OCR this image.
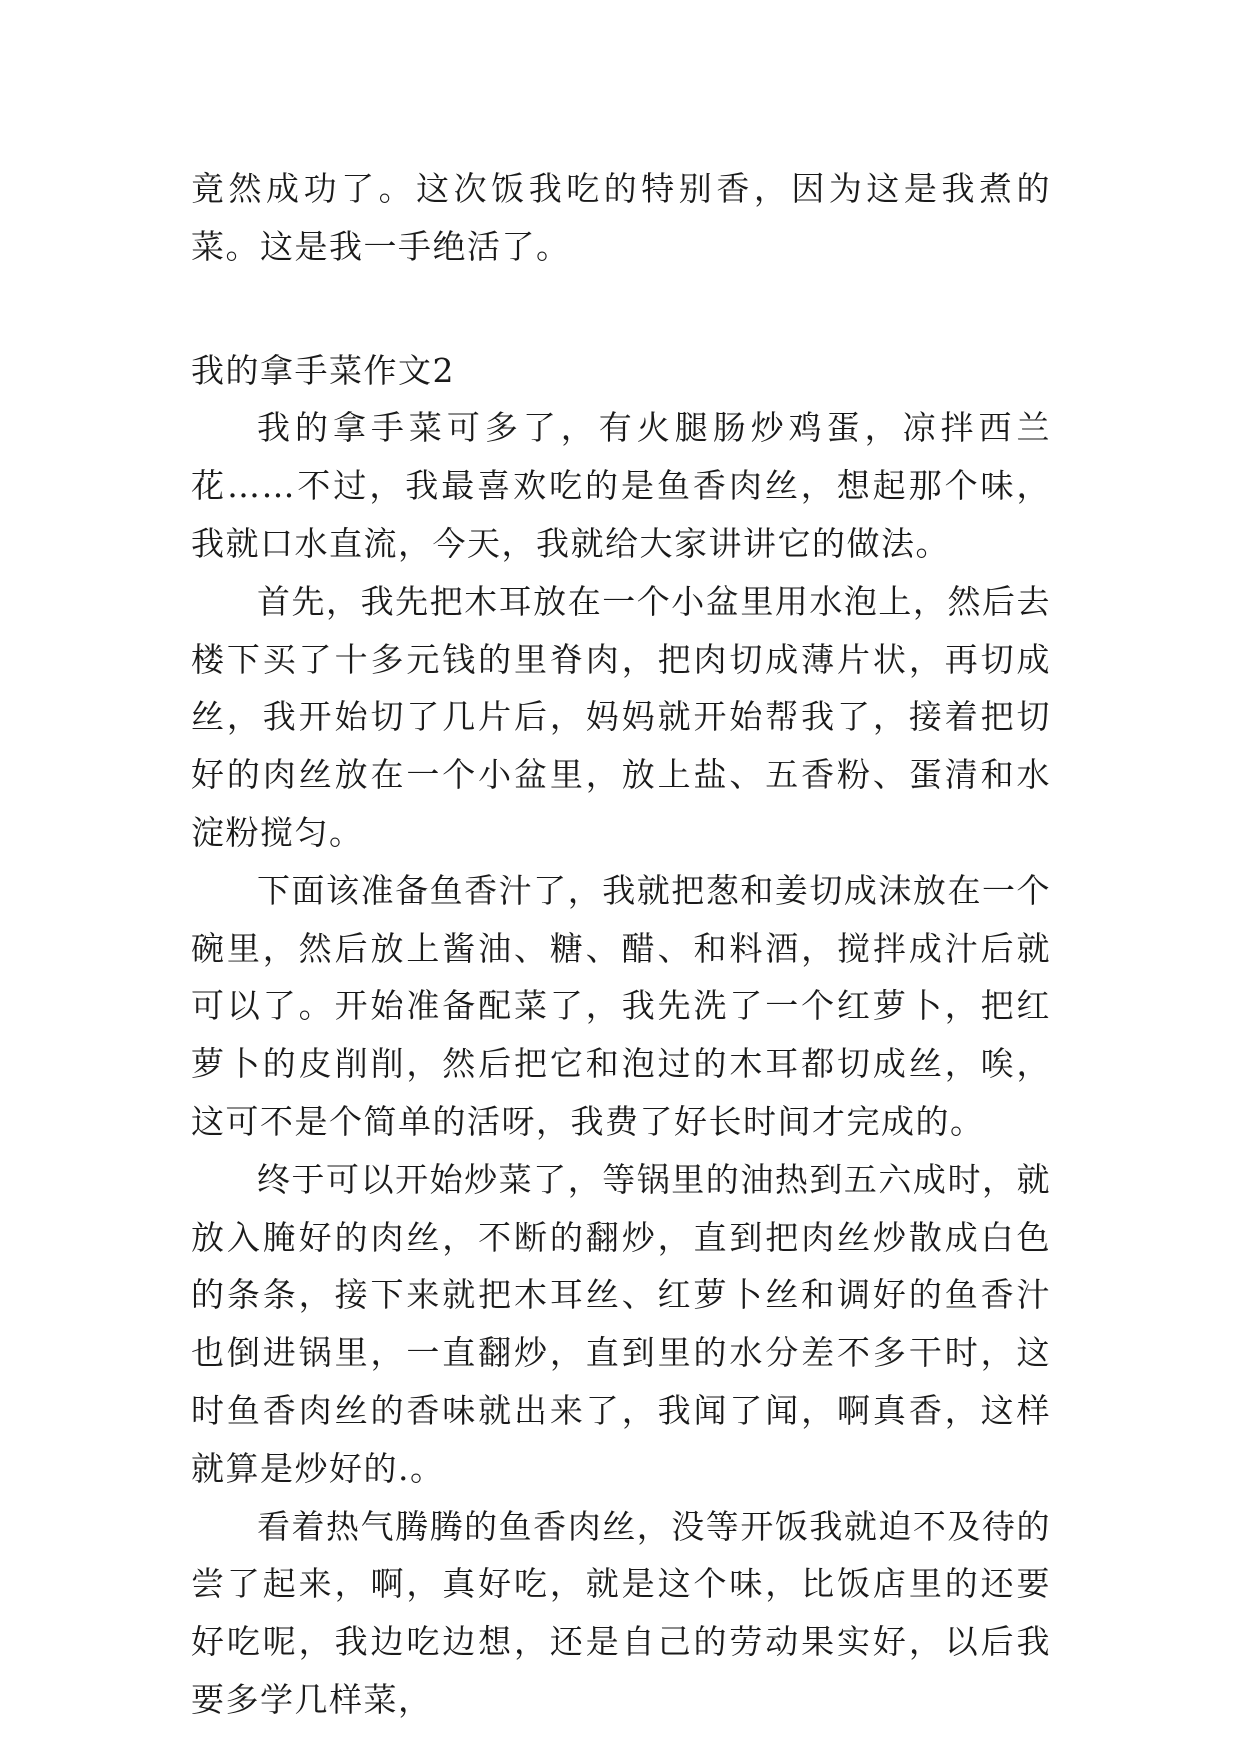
竟然成功了。这次饭我吃的特别香，因为这是我煮的菜。这是我一手绝活了。

我的拿手菜作文2

我的拿手菜可多了，有火腿肠炒鸡蛋，凉拌西兰花……不过，我最喜欢吃的是鱼香肉丝，想起那个味，我就口水直流，今天，我就给大家讲讲它的做法。

首先，我先把木耳放在一个小盆里用水泡上，然后去楼下买了十多元钱的里脊肉，把肉切成薄片状，再切成丝，我开始切了几片后，妈妈就开始帮我了，接着把切好的肉丝放在一个小盆里，放上盐、五香粉、蛋清和水淀粉搅匀。

下面该准备鱼香汁了，我就把葱和姜切成沫放在一个碗里，然后放上酱油、糖、醋、和料酒，搅拌成汁后就可以了。开始准备配菜了，我先洗了一个红萝卜，把红萝卜的皮削削，然后把它和泡过的木耳都切成丝，唉，这可不是个简单的活呀，我费了好长时间才完成的。

终于可以开始炒菜了，等锅里的油热到五六成时，就放入腌好的肉丝，不断的翻炒，直到把肉丝炒散成白色的条条，接下来就把木耳丝、红萝卜丝和调好的鱼香汁也倒进锅里，一直翻炒，直到里的水分差不多干时，这时鱼香肉丝的香味就出来了，我闻了闻，啊真香，这样就算是炒好的.。

看着热气腾腾的鱼香肉丝，没等开饭我就迫不及待的尝了起来，啊，真好吃，就是这个味，比饭店里的还要好吃呢，我边吃边想，还是自己的劳动果实好，以后我要多学几样菜，
